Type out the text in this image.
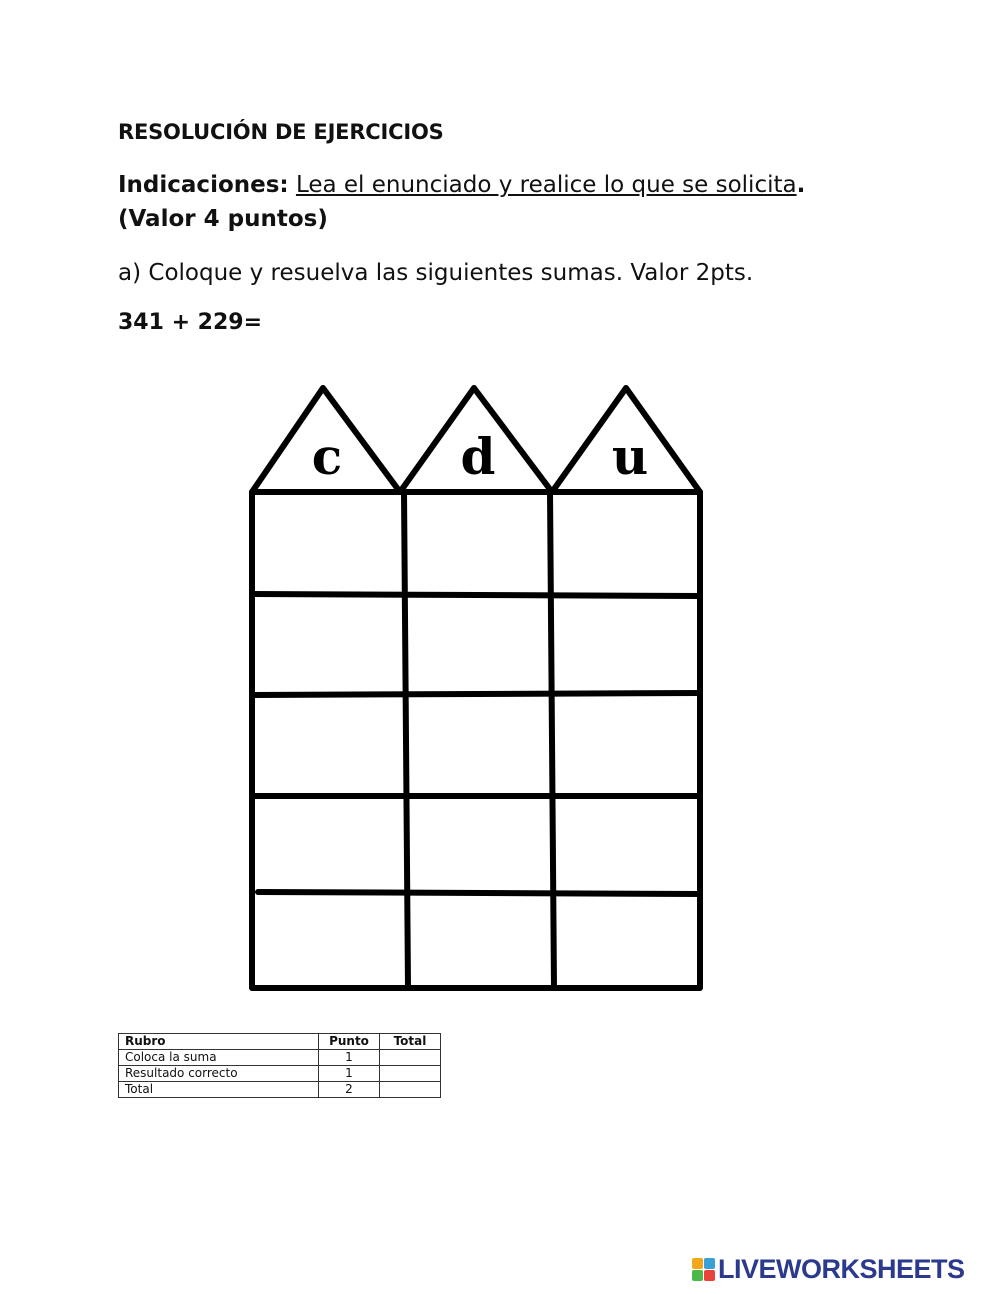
RESOLUCIÓN DE EJERCICIOS
Indicaciones: Lea el enunciado y realice lo que se solicita.
(Valor 4 puntos)
a) Coloque y resuelva las siguientes sumas. Valor 2pts.
341 + 229=
c d u
Rubro	Punto	Total
Coloca la suma	1	
Resultado correcto	1	
Total	2	
LIVEWORKSHEETS
